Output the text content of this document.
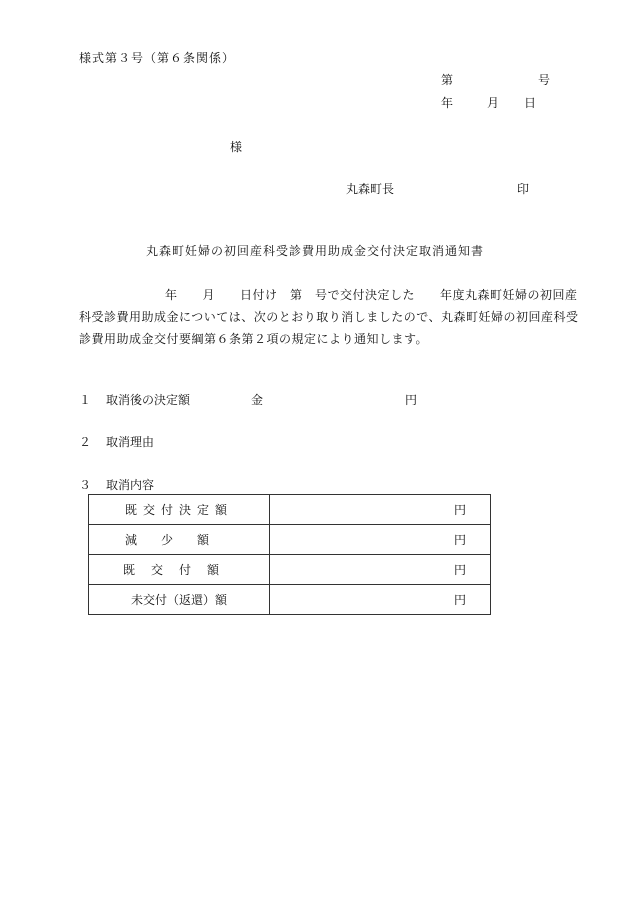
様式第３号（第６条関係）
第	号
年	月 日
様
丸森町長	印
丸森町妊婦の初回産科受診費用助成金交付決定取消通知書
年　　月　　日付け　第　号で交付決定した　　年度丸森町妊婦の初回産科受診費用助成金については、次のとおり取り消しましたので、丸森町妊婦の初回産科受診費用助成金交付要綱第６条第２項の規定により通知します。
１ 取消後の決定額	金	円
２ 取消理由
３ 取消内容
既交付決定額	円
減少額	円
既交付額	円
未交付（返還）額	円
